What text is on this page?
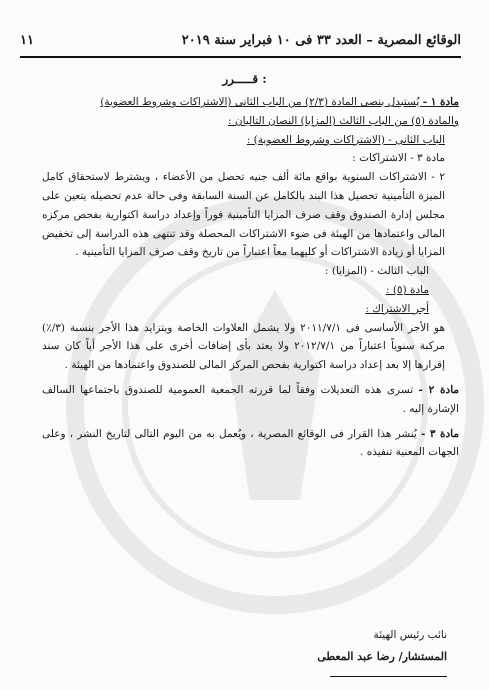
الوقائع المصرية – العدد ٣٣ فى ١٠ فبراير سنة ٢٠١٩
١١
قـــــرر :

مادة ١ - يُستبدل بنصى المادة (٢/٣) من الباب الثانى (الاشتراكات وشروط العضوية)

والمادة (٥) من الباب الثالث (المزايا) النصان التاليان :

الباب الثانى - (الاشتراكات وشروط العضوية) :

مادة ٣ - الاشتراكات :

٢ - الاشتراكات السنوية بواقع مائة ألف جنيه تحصل من الأعضاء ، ويشترط لاستحقاق كامل الميزة التأمينية تحصيل هذا البند بالكامل عن السنة السابقة وفى حالة عدم تحصيله يتعين على مجلس إدارة الصندوق وقف صرف المزايا التأمينية فوراً وإعداد دراسة اكتوارية بفحص مركزه المالى واعتمادها من الهيئة فى ضوء الاشتراكات المحصلة وقد تنتهى هذه الدراسة إلى تخفيض المزايا أو زيادة الاشتراكات أو كليهما معاً اعتباراً من تاريخ وقف صرف المزايا التأمينية .

الباب الثالث - (المزايا) :

مادة (٥) :

أجر الاشتراك :

هو الأجر الأساسى فى ٢٠١١/٧/١ ولا يشمل العلاوات الخاصة ويتزايد هذا الأجر بنسبة (٣/٪) مركبة سنوياً اعتباراً من ٢٠١٢/٧/١ ولا يعتد بأى إضافات أخرى على هذا الأجر أياً كان سند إقرارها إلا بعد إعداد دراسة اكتوارية بفحص المركز المالى للصندوق واعتمادها من الهيئة .

مادة ٢ - تسرى هذه التعديلات وفقاً لما قررته الجمعية العمومية للصندوق باجتماعها السالف الإشارة إليه .

مادة ٣ - يُنشر هذا القرار فى الوقائع المصرية ، ويُعمل به من اليوم التالى لتاريخ النشر ، وعلى الجهات المعنية تنفيذه .

نائب رئيس الهيئة
المستشار/ رضا عبد المعطى
